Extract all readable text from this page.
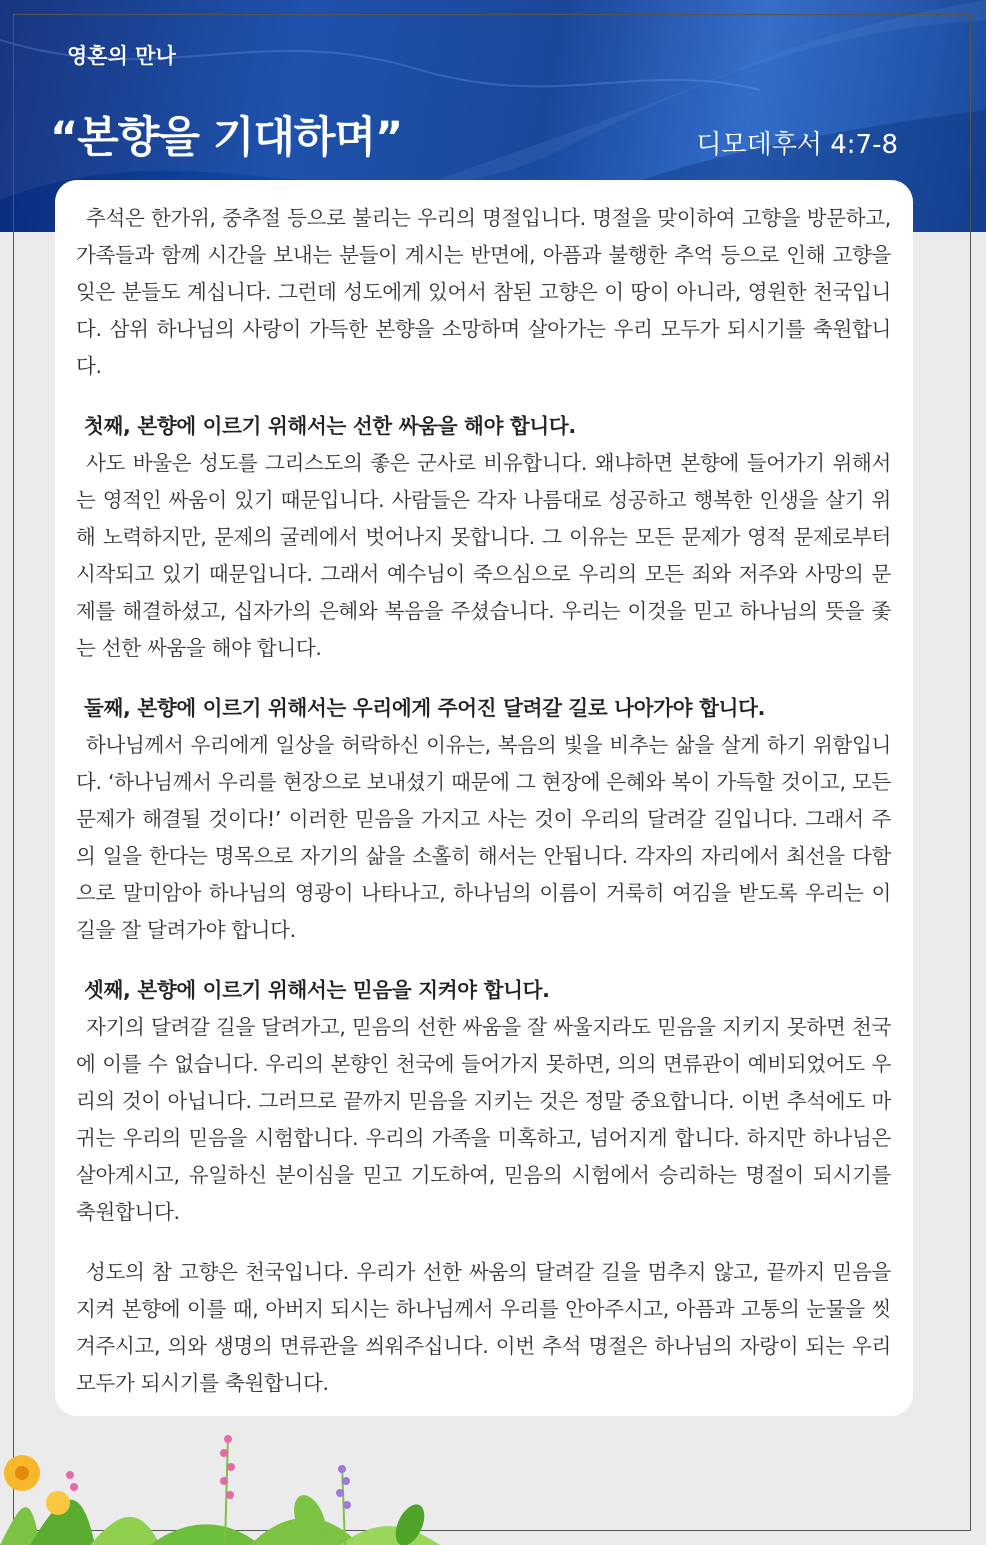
영혼의 만나
“본향을 기대하며”	디모데후서 4:7-8

추석은 한가위, 중추절 등으로 불리는 우리의 명절입니다. 명절을 맞이하여 고향을 방문하고, 가족들과 함께 시간을 보내는 분들이 계시는 반면에, 아픔과 불행한 추억 등으로 인해 고향을 잊은 분들도 계십니다. 그런데 성도에게 있어서 참된 고향은 이 땅이 아니라, 영원한 천국입니다. 삼위 하나님의 사랑이 가득한 본향을 소망하며 살아가는 우리 모두가 되시기를 축원합니다.

첫째, 본향에 이르기 위해서는 선한 싸움을 해야 합니다.

사도 바울은 성도를 그리스도의 좋은 군사로 비유합니다. 왜냐하면 본향에 들어가기 위해서는 영적인 싸움이 있기 때문입니다. 사람들은 각자 나름대로 성공하고 행복한 인생을 살기 위해 노력하지만, 문제의 굴레에서 벗어나지 못합니다. 그 이유는 모든 문제가 영적 문제로부터 시작되고 있기 때문입니다. 그래서 예수님이 죽으심으로 우리의 모든 죄와 저주와 사망의 문제를 해결하셨고, 십자가의 은혜와 복음을 주셨습니다. 우리는 이것을 믿고 하나님의 뜻을 좇는 선한 싸움을 해야 합니다.

둘째, 본향에 이르기 위해서는 우리에게 주어진 달려갈 길로 나아가야 합니다.

하나님께서 우리에게 일상을 허락하신 이유는, 복음의 빛을 비추는 삶을 살게 하기 위함입니다. ‘하나님께서 우리를 현장으로 보내셨기 때문에 그 현장에 은혜와 복이 가득할 것이고, 모든 문제가 해결될 것이다!’ 이러한 믿음을 가지고 사는 것이 우리의 달려갈 길입니다. 그래서 주의 일을 한다는 명목으로 자기의 삶을 소홀히 해서는 안됩니다. 각자의 자리에서 최선을 다함으로 말미암아 하나님의 영광이 나타나고, 하나님의 이름이 거룩히 여김을 받도록 우리는 이 길을 잘 달려가야 합니다.

셋째, 본향에 이르기 위해서는 믿음을 지켜야 합니다.

자기의 달려갈 길을 달려가고, 믿음의 선한 싸움을 잘 싸울지라도 믿음을 지키지 못하면 천국에 이를 수 없습니다. 우리의 본향인 천국에 들어가지 못하면, 의의 면류관이 예비되었어도 우리의 것이 아닙니다. 그러므로 끝까지 믿음을 지키는 것은 정말 중요합니다. 이번 추석에도 마귀는 우리의 믿음을 시험합니다. 우리의 가족을 미혹하고, 넘어지게 합니다. 하지만 하나님은 살아계시고, 유일하신 분이심을 믿고 기도하여, 믿음의 시험에서 승리하는 명절이 되시기를 축원합니다.

성도의 참 고향은 천국입니다. 우리가 선한 싸움의 달려갈 길을 멈추지 않고, 끝까지 믿음을 지켜 본향에 이를 때, 아버지 되시는 하나님께서 우리를 안아주시고, 아픔과 고통의 눈물을 씻겨주시고, 의와 생명의 면류관을 씌워주십니다. 이번 추석 명절은 하나님의 자랑이 되는 우리 모두가 되시기를 축원합니다.
